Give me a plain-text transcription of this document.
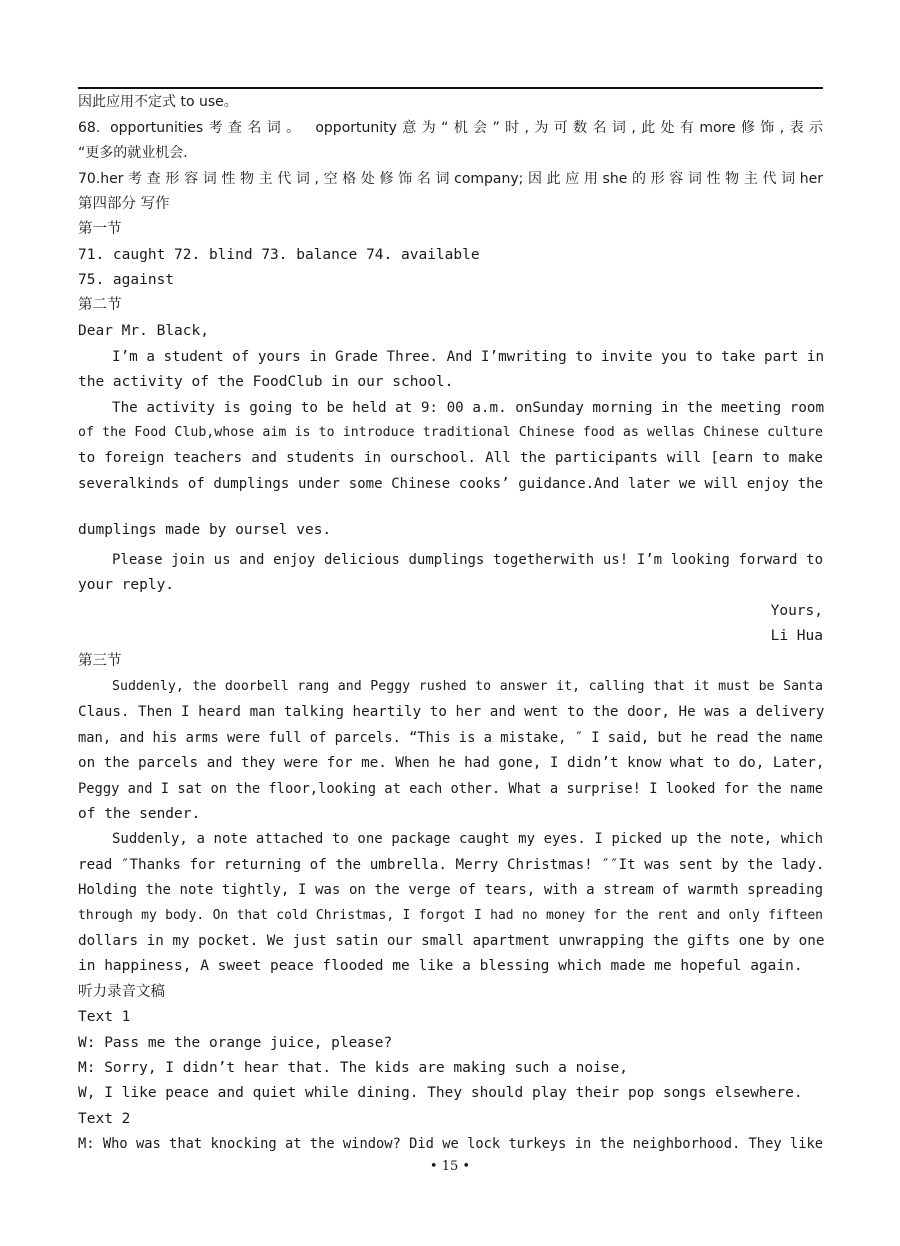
因此应用不定式 to use。
68. opportunities考查名词。 opportunity意为“机会”时,为可数名词,此处有more修饰,表示
“更多的就业机会.
70.her考查形容词性物主代词,空格处修饰名词company;因此应用she的形容词性物主代词her
第四部分 写作
第一节
71. caught 72. blind 73. balance 74. available
75. against
第二节
Dear Mr. Black,
I’m a student of yours in Grade Three. And I’mwriting to invite you to take part in
the activity of the FoodClub in our school.
The activity is going to be held at 9: 00 a.m. onSunday morning in the meeting room
of the Food Club,whose aim is to introduce traditional Chinese food as wellas Chinese culture
to foreign teachers and students in ourschool. All the participants will [earn to make
severalkinds of dumplings under some Chinese cooks’ guidance.And later we will enjoy the
dumplings made by oursel ves.
Please join us and enjoy delicious dumplings togetherwith us! I’m looking forward to
your reply.
Yours,
Li Hua
第三节
Suddenly, the doorbell rang and Peggy rushed to answer it, calling that it must be Santa
Claus. Then I heard man talking heartily to her and went to the door, He was a delivery
man, and his arms were full of parcels. “This is a mistake, ″ I said, but he read the name
on the parcels and they were for me. When he had gone, I didn’t know what to do, Later,
Peggy and I sat on the floor,looking at each other. What a surprise! I looked for the name
of the sender.
Suddenly, a note attached to one package caught my eyes. I picked up the note, which
read ″Thanks for returning of the umbrella. Merry Christmas! ″″It was sent by the lady.
Holding the note tightly, I was on the verge of tears, with a stream of warmth spreading
through my body. On that cold Christmas, I forgot I had no money for the rent and only fifteen
dollars in my pocket. We just satin our small apartment unwrapping the gifts one by one
in happiness, A sweet peace flooded me like a blessing which made me hopeful again.
听力录音文稿
Text 1
W: Pass me the orange juice, please?
M: Sorry, I didn’t hear that. The kids are making such a noise,
W, I like peace and quiet while dining. They should play their pop songs elsewhere.
Text 2
M: Who was that knocking at the window? Did we lock turkeys in the neighborhood. They like
• 15 •
